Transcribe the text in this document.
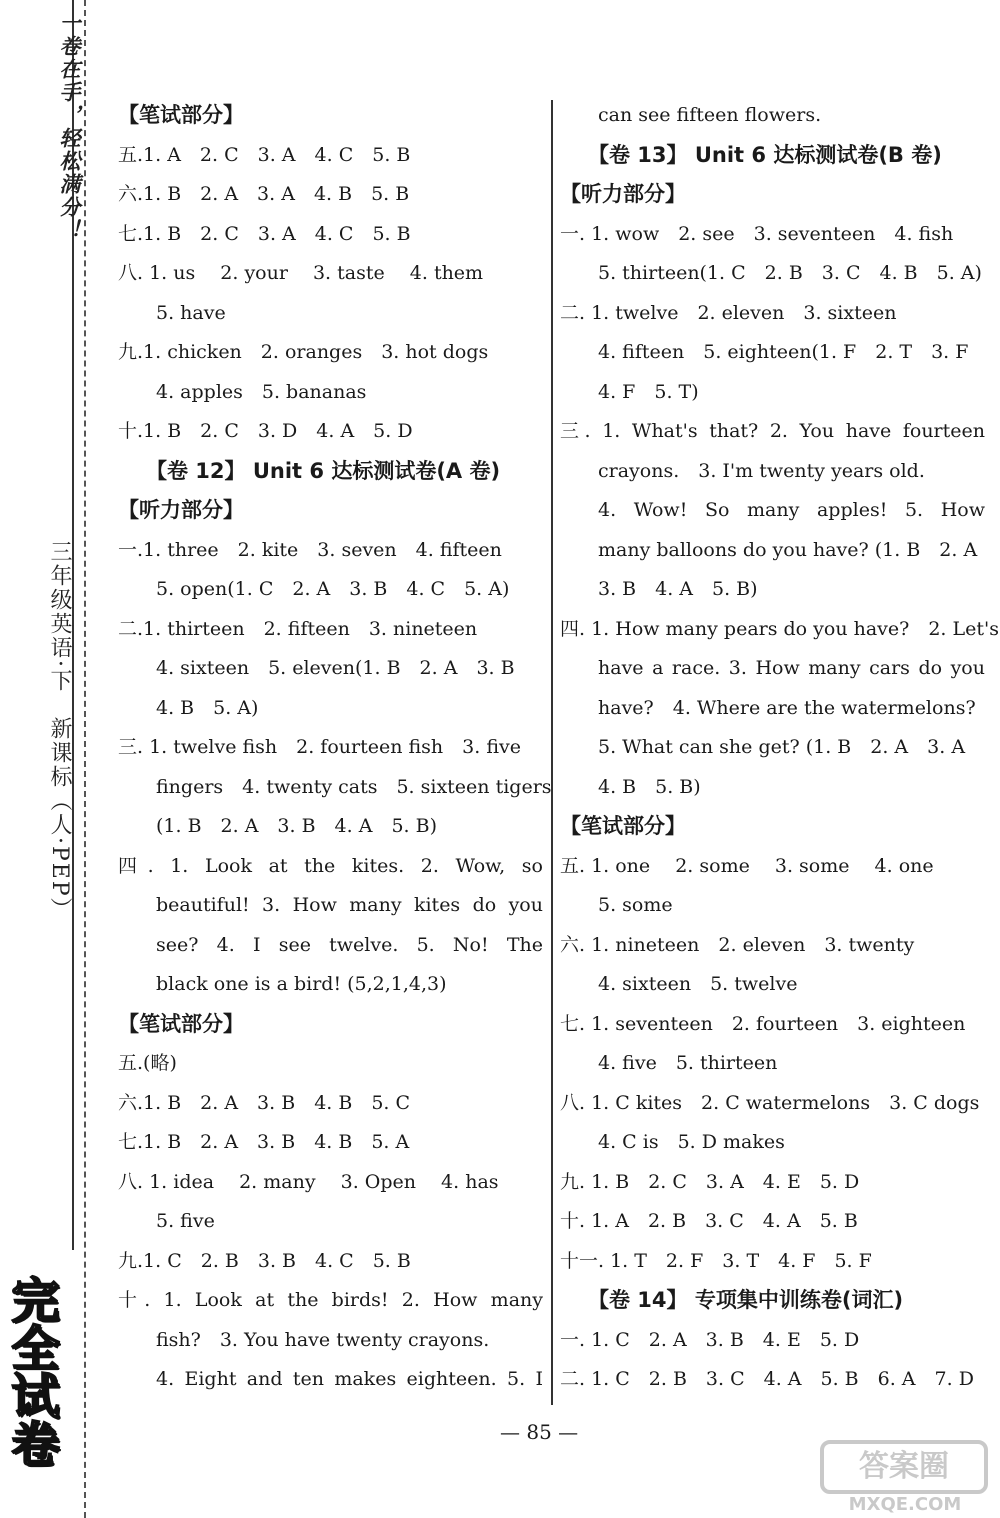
一卷在手，轻松满分！
三年级英语·下　新课标（人·PEP）
完全试卷
【笔试部分】
五.1. A　2. C　3. A　4. C　5. B
六.1. B　2. A　3. A　4. B　5. B
七.1. B　2. C　3. A　4. C　5. B
八. 1. us　 2. your　 3. taste　 4. them
5. have
九.1. chicken　2. oranges　3. hot dogs
4. apples　5. bananas
十.1. B　2. C　3. D　4. A　5. D
【卷 12】 Unit 6 达标测试卷(A 卷)
【听力部分】
一.1. three　2. kite　3. seven　4. fifteen
5. open(1. C　2. A　3. B　4. C　5. A)
二.1. thirteen　2. fifteen　3. nineteen
4. sixteen　5. eleven(1. B　2. A　3. B
4. B　5. A)
三. 1. twelve fish　2. fourteen fish　3. five
fingers　4. twenty cats　5. sixteen tigers
(1. B　2. A　3. B　4. A　5. B)
四. 1. Look at the kites. 2. Wow, so
beautiful! 3. How many kites do you
see? 4. I see twelve. 5. No! The
black one is a bird! (5,2,1,4,3)
【笔试部分】
五.(略)
六.1. B　2. A　3. B　4. B　5. C
七.1. B　2. A　3. B　4. B　5. A
八. 1. idea　 2. many　 3. Open　 4. has
5. five
九.1. C　2. B　3. B　4. C　5. B
十. 1. Look at the birds! 2. How many
fish?　3. You have twenty crayons.
4. Eight and ten makes eighteen. 5. I
can see fifteen flowers.
【卷 13】 Unit 6 达标测试卷(B 卷)
【听力部分】
一. 1. wow　2. see　3. seventeen　4. fish
5. thirteen(1. C　2. B　3. C　4. B　5. A)
二. 1. twelve　2. eleven　3. sixteen
4. fifteen　5. eighteen(1. F　2. T　3. F
4. F　5. T)
三. 1. What's that? 2. You have fourteen
crayons.　3. I'm twenty years old.
4. Wow! So many apples! 5. How
many balloons do you have? (1. B　2. A
3. B　4. A　5. B)
四. 1. How many pears do you have?　2. Let's
have a race. 3. How many cars do you
have?　4. Where are the watermelons?
5. What can she get? (1. B　2. A　3. A
4. B　5. B)
【笔试部分】
五. 1. one　 2. some　 3. some　 4. one
5. some
六. 1. nineteen　2. eleven　3. twenty
4. sixteen　5. twelve
七. 1. seventeen　2. fourteen　3. eighteen
4. five　5. thirteen
八. 1. C kites　2. C watermelons　3. C dogs
4. C is　5. D makes
九. 1. B　2. C　3. A　4. E　5. D
十. 1. A　2. B　3. C　4. A　5. B
十一. 1. T　2. F　3. T　4. F　5. F
【卷 14】 专项集中训练卷(词汇)
一. 1. C　2. A　3. B　4. E　5. D
二. 1. C　2. B　3. C　4. A　5. B　6. A　7. D
— 85 —
答案圈
MXQE.COM
